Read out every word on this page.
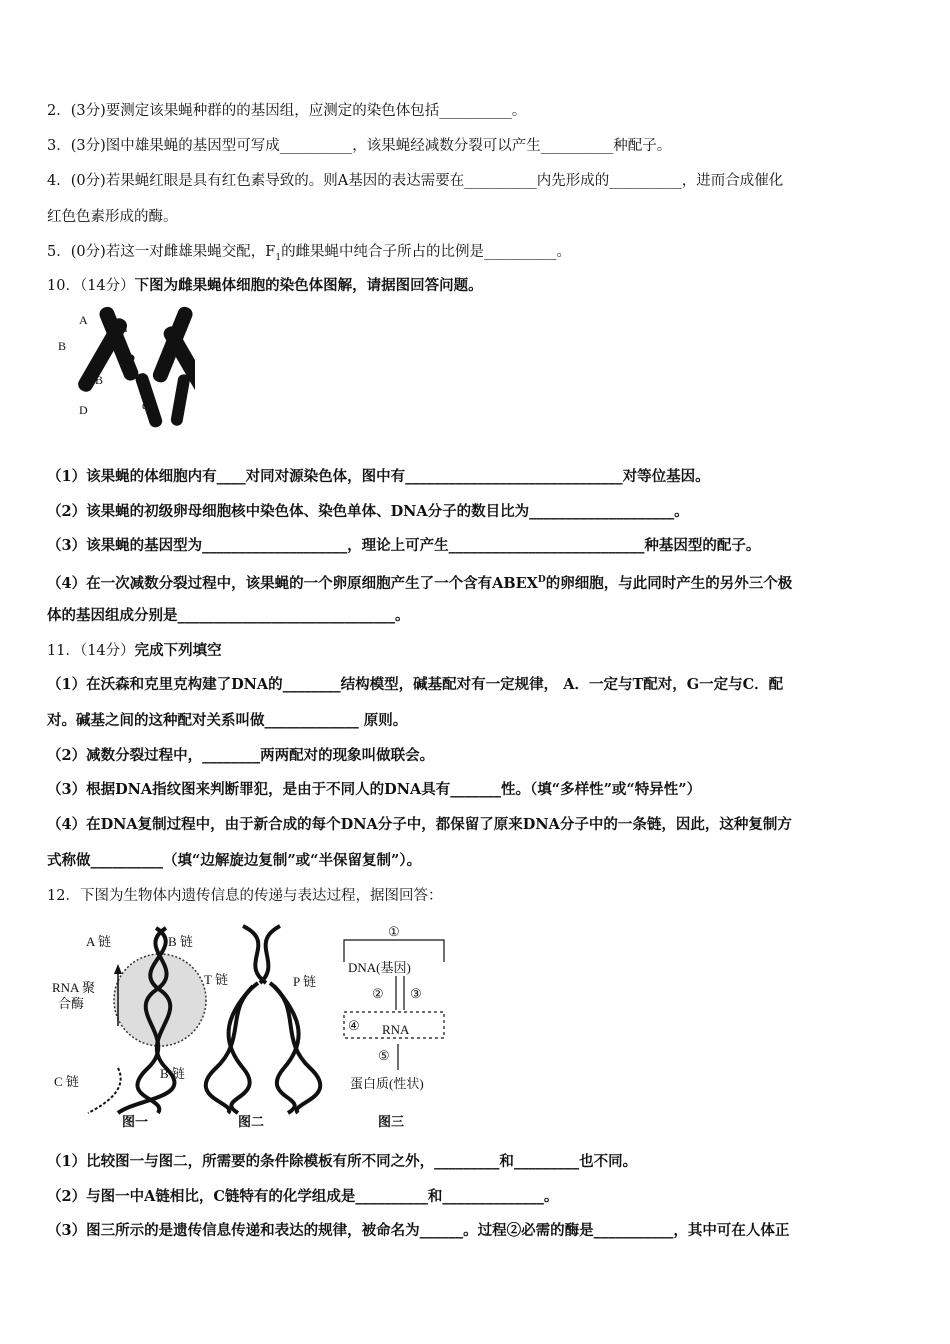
2．(3分)要测定该果蝇种群的的基因组，应测定的染色体包括__________。
3．(3分)图中雄果蝇的基因型可写成__________，该果蝇经减数分裂可以产生__________种配子。
4．(0分)若果蝇红眼是具有红色素导致的。则A基因的表达需要在__________内先形成的__________，进而合成催化
红色色素形成的酶。
5．(0分)若这一对雌雄果蝇交配，$F_1$的雌果蝇中纯合子所占的比例是__________。
10．（14分）下图为雌果蝇体细胞的染色体图解，请据图回答问题。
A
a
B	E
B	e
D	d
（1）该果蝇的体细胞内有____对同对源染色体，图中有______________________________对等位基因。
（2）该果蝇的初级卵母细胞核中染色体、染色单体、DNA分子的数目比为____________________。
（3）该果蝇的基因型为____________________，理论上可产生___________________________种基因型的配子。
（4）在一次减数分裂过程中，该果蝇的一个卵原细胞产生了一个含有$ABEX^D$的卵细胞，与此同时产生的另外三个极
体的基因组成分别是______________________________。
11．（14分）完成下列填空
（1）在沃森和克里克构建了DNA的________结构模型，碱基配对有一定规律， A．一定与T配对，G一定与C．配
对。碱基之间的这种配对关系叫做_____________ 原则。
（2）减数分裂过程中，________两两配对的现象叫做联会。
（3）根据DNA指纹图来判断罪犯，是由于不同人的DNA具有_______性。（填“多样性”或“特异性”）
（4）在DNA复制过程中，由于新合成的每个DNA分子中，都保留了原来DNA分子中的一条链，因此，这种复制方
式称做__________（填“边解旋边复制”或“半保留复制”）。
12．下图为生物体内遗传信息的传递与表达过程，据图回答：
A 链	B 链
RNA 聚
合酶
C 链
B 链
图一
T 链	P 链
图二
①
DNA(基因)
② ③
④ RNA
⑤
蛋白质(性状)
图三
（1）比较图一与图二，所需要的条件除模板有所不同之外，_________和_________也不同。
（2）与图一中A链相比，C链特有的化学组成是__________和______________。
（3）图三所示的是遗传信息传递和表达的规律，被命名为______。过程②必需的酶是___________，其中可在人体正
